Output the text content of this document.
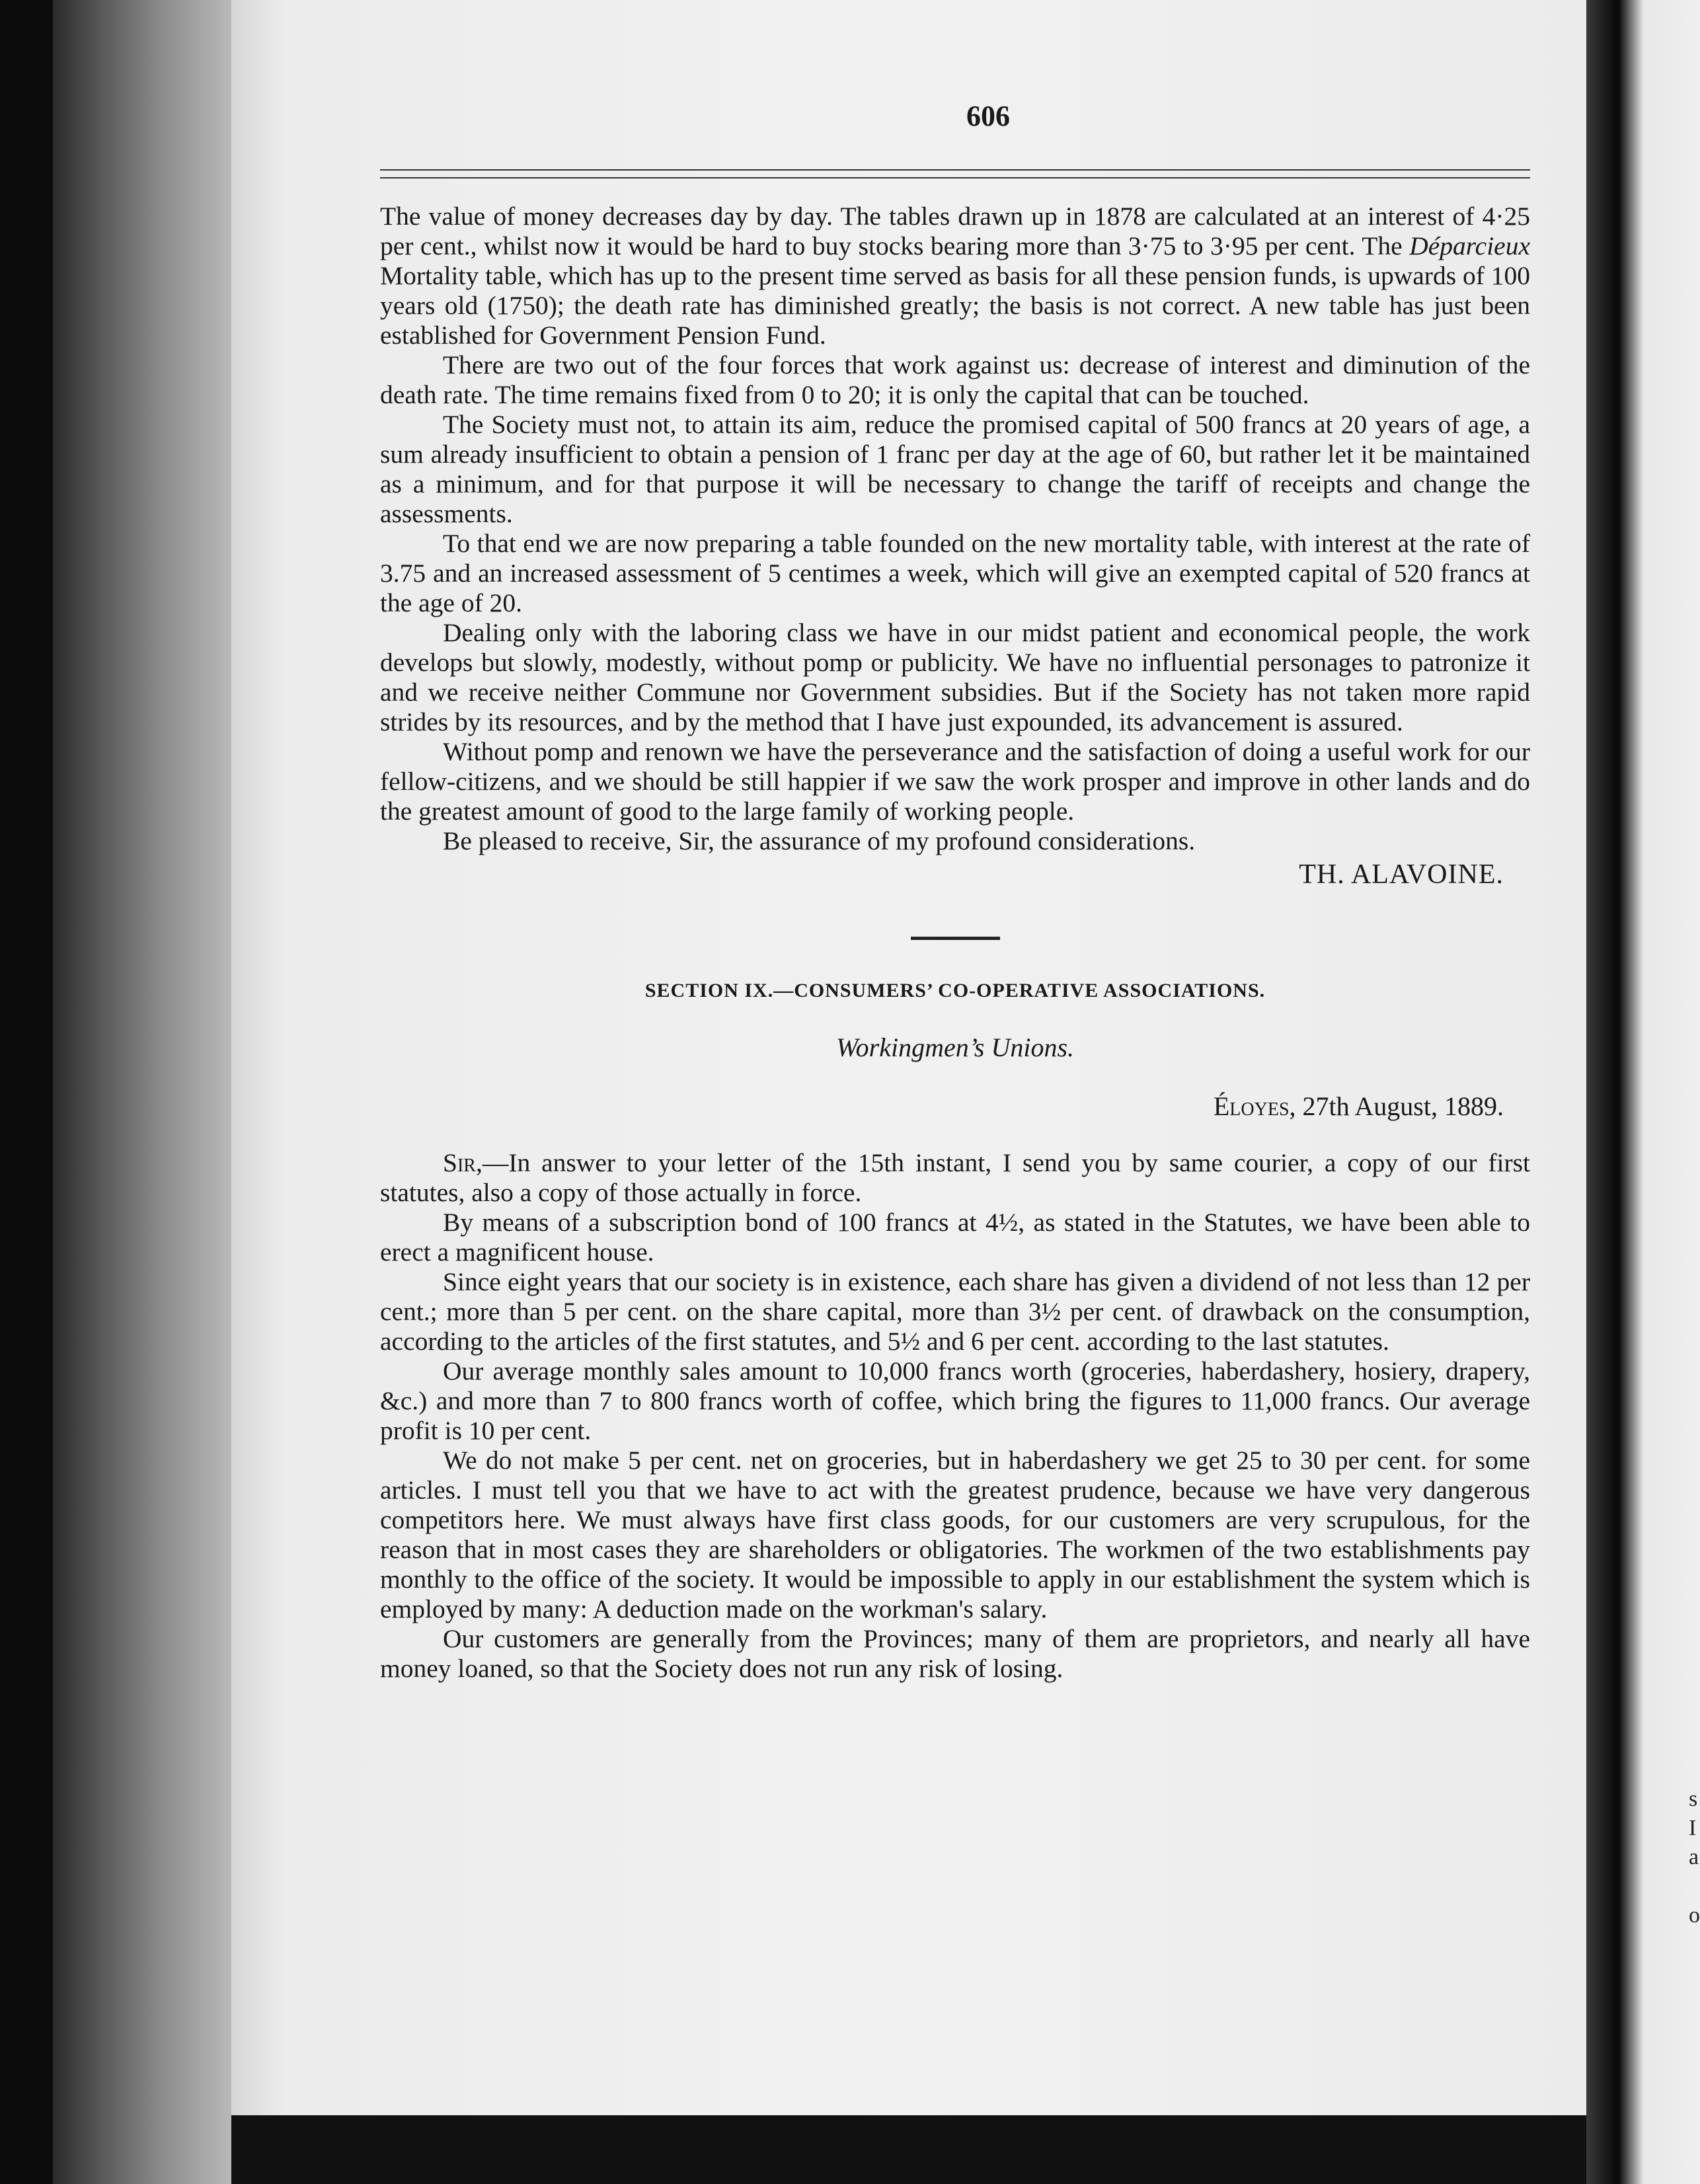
s
I
a
o
606

The value of money decreases day by day. The tables drawn up in 1878 are calculated at an interest of 4·25 per cent., whilst now it would be hard to buy stocks bearing more than 3·75 to 3·95 per cent. The Déparcieux Mortality table, which has up to the present time served as basis for all these pension funds, is upwards of 100 years old (1750); the death rate has diminished greatly; the basis is not correct. A new table has just been established for Government Pension Fund.

There are two out of the four forces that work against us: decrease of interest and diminution of the death rate. The time remains fixed from 0 to 20; it is only the capital that can be touched.

The Society must not, to attain its aim, reduce the promised capital of 500 francs at 20 years of age, a sum already insufficient to obtain a pension of 1 franc per day at the age of 60, but rather let it be maintained as a minimum, and for that purpose it will be necessary to change the tariff of receipts and change the assessments.

To that end we are now preparing a table founded on the new mortality table, with interest at the rate of 3.75 and an increased assessment of 5 centimes a week, which will give an exempted capital of 520 francs at the age of 20.

Dealing only with the laboring class we have in our midst patient and economical people, the work develops but slowly, modestly, without pomp or publicity. We have no influential personages to patronize it and we receive neither Commune nor Government subsidies. But if the Society has not taken more rapid strides by its resources, and by the method that I have just expounded, its advancement is assured.

Without pomp and renown we have the perseverance and the satisfaction of doing a useful work for our fellow-citizens, and we should be still happier if we saw the work prosper and improve in other lands and do the greatest amount of good to the large family of working people.

Be pleased to receive, Sir, the assurance of my profound considerations.

TH. ALAVOINE.
SECTION IX.—CONSUMERS’ CO-OPERATIVE ASSOCIATIONS.
Workingmen’s Unions.
Éloyes, 27th August, 1889.

Sir,—In answer to your letter of the 15th instant, I send you by same courier, a copy of our first statutes, also a copy of those actually in force.

By means of a subscription bond of 100 francs at 4½, as stated in the Statutes, we have been able to erect a magnificent house.

Since eight years that our society is in existence, each share has given a dividend of not less than 12 per cent.; more than 5 per cent. on the share capital, more than 3½ per cent. of drawback on the consumption, according to the articles of the first statutes, and 5½ and 6 per cent. according to the last statutes.

Our average monthly sales amount to 10,000 francs worth (groceries, haberdashery, hosiery, drapery, &c.) and more than 7 to 800 francs worth of coffee, which bring the figures to 11,000 francs. Our average profit is 10 per cent.

We do not make 5 per cent. net on groceries, but in haberdashery we get 25 to 30 per cent. for some articles. I must tell you that we have to act with the greatest prudence, because we have very dangerous competitors here. We must always have first class goods, for our customers are very scrupulous, for the reason that in most cases they are shareholders or obligatories. The workmen of the two establishments pay monthly to the office of the society. It would be impossible to apply in our establishment the system which is employed by many: A deduction made on the workman's salary.

Our customers are generally from the Provinces; many of them are proprietors, and nearly all have money loaned, so that the Society does not run any risk of losing.
